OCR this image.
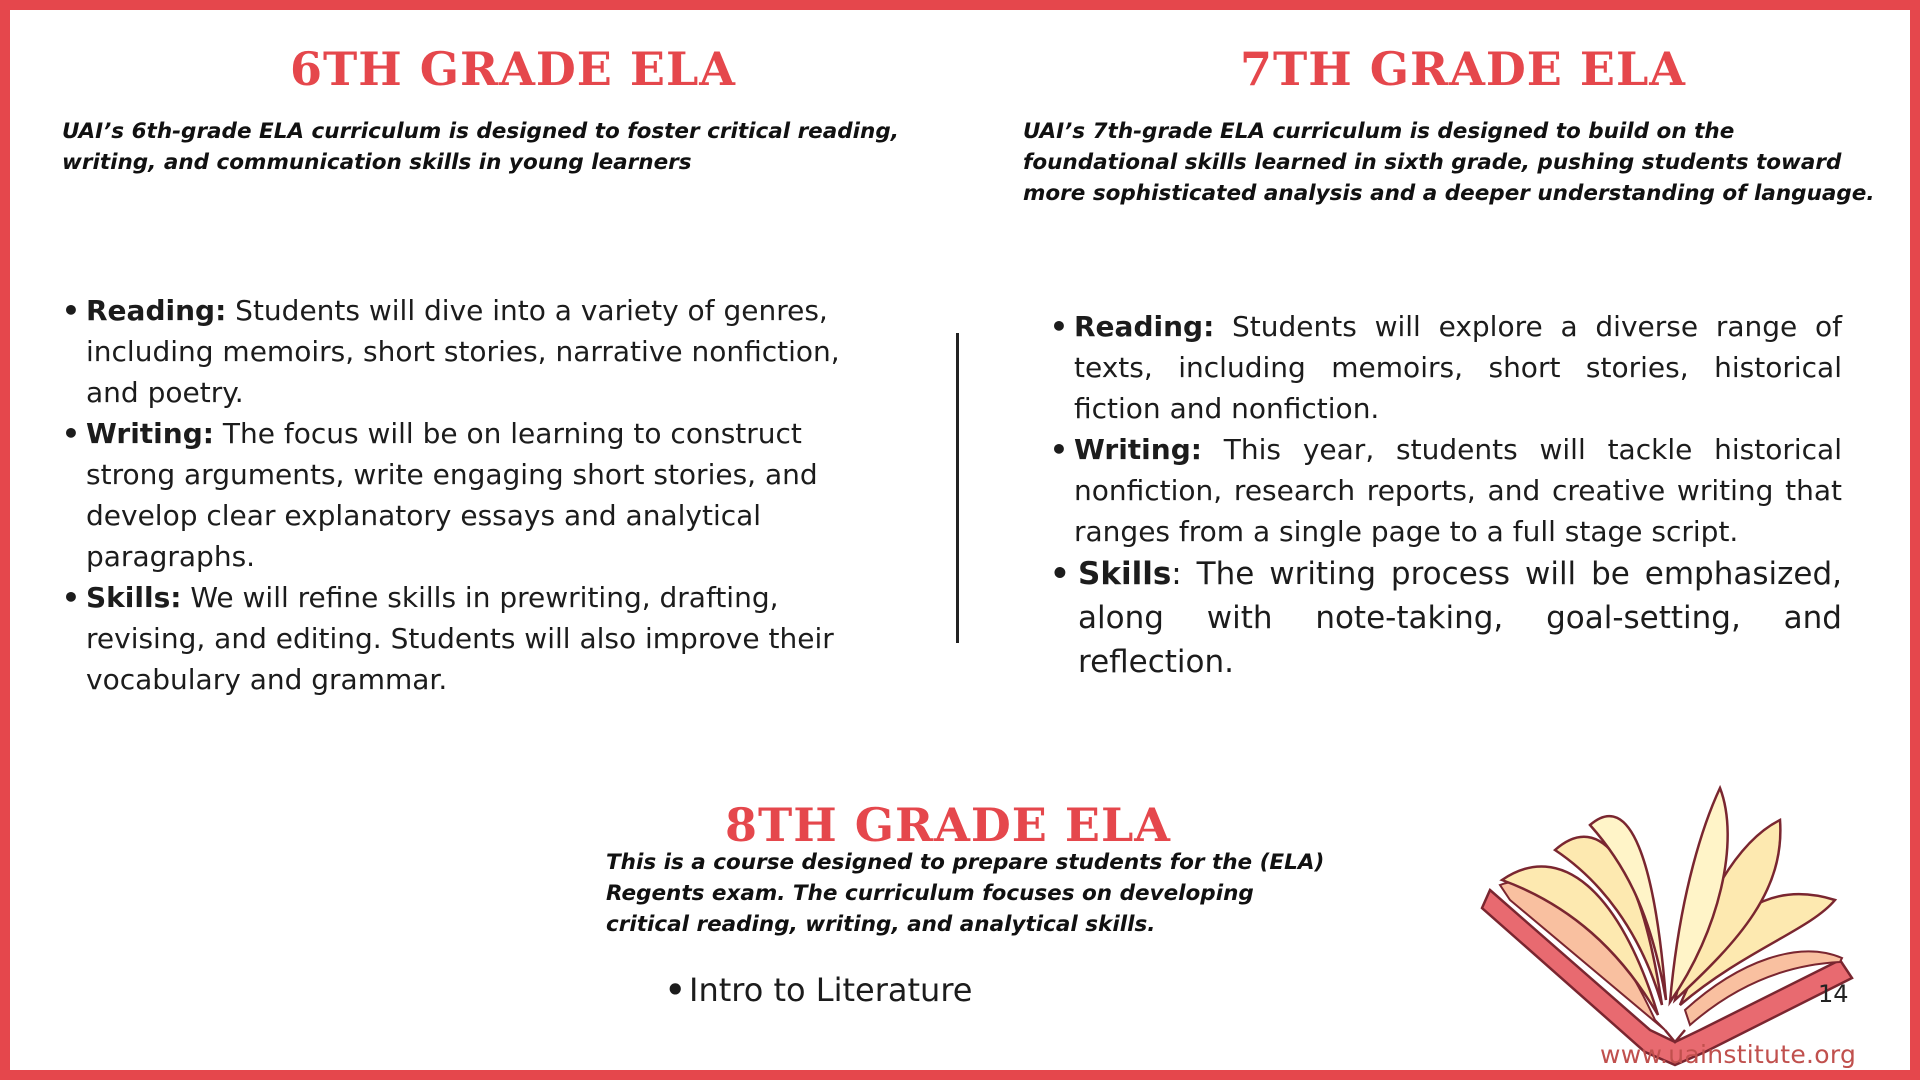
6TH GRADE ELA
UAI’s 6th-grade ELA curriculum is designed to foster critical reading, writing, and communication skills in young learners
• Reading: Students will dive into a variety of genres, including memoirs, short stories, narrative nonfiction, and poetry.
• Writing: The focus will be on learning to construct strong arguments, write engaging short stories, and develop clear explanatory essays and analytical paragraphs.
• Skills: We will refine skills in prewriting, drafting, revising, and editing. Students will also improve their vocabulary and grammar.
7TH GRADE ELA
UAI’s 7th-grade ELA curriculum is designed to build on the foundational skills learned in sixth grade, pushing students toward more sophisticated analysis and a deeper understanding of language.
• Reading: Students will explore a diverse range of texts, including memoirs, short stories, historical fiction and nonfiction.
• Writing: This year, students will tackle historical nonfiction, research reports, and creative writing that ranges from a single page to a full stage script.
• Skills: The writing process will be emphasized, along with note-taking, goal-setting, and reflection.
8TH GRADE ELA
This is a course designed to prepare students for the (ELA) Regents exam. The curriculum focuses on developing critical reading, writing, and analytical skills.
• Intro to Literature	14
www.uainstitute.org
